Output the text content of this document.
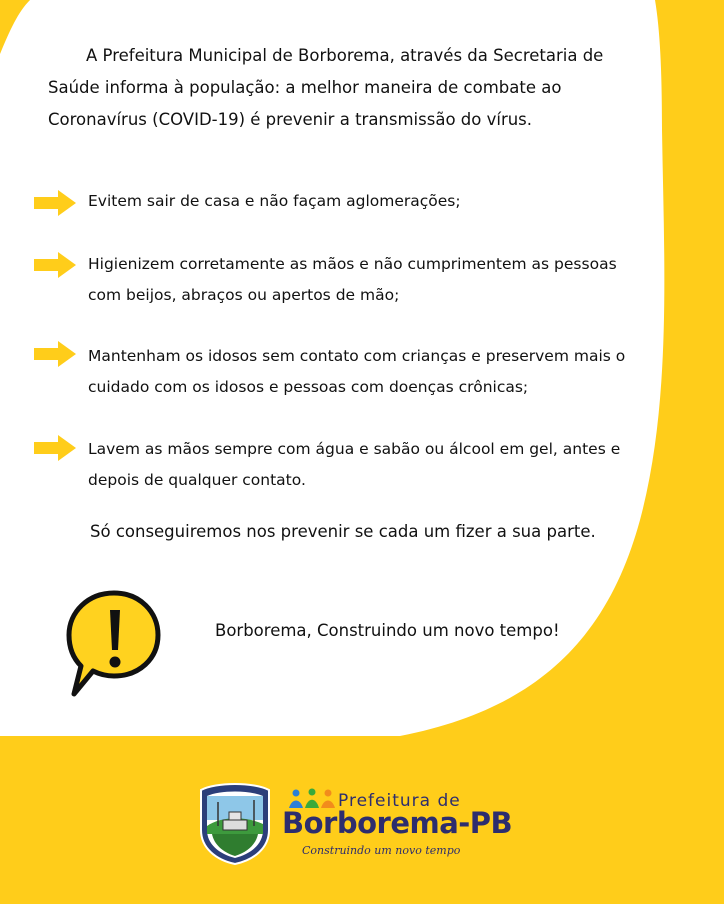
A Prefeitura Municipal de Borborema, através da Secretaria de Saúde informa à população: a melhor maneira de combate ao Coronavírus (COVID-19) é prevenir a transmissão do vírus.
Evitem sair de casa e não façam aglomerações;
Higienizem corretamente as mãos e não cumprimentem as pessoas com beijos, abraços ou apertos de mão;
Mantenham os idosos sem contato com crianças e preservem mais o cuidado com os idosos e pessoas com doenças crônicas;
Lavem as mãos sempre com água e sabão ou álcool em gel, antes e depois de qualquer contato.
Só conseguiremos nos prevenir se cada um fizer a sua parte.
Borborema, Construindo um novo tempo!
Prefeitura de
Borborema-PB
Construindo um novo tempo
